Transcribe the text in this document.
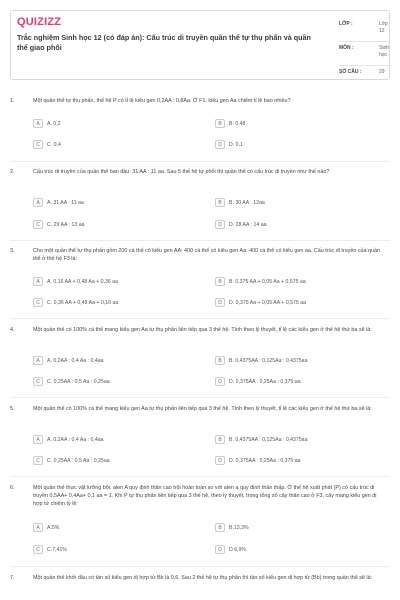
QUIZIZZ
Trắc nghiệm Sinh học 12 (có đáp án): Cấu trúc di truyền quần thể tự thụ phấn và quần thể giao phối
LỚP :	Lớp 12
MÔN :	Sinh học
SỐ CÂU :	29
1.	Một quần thể tự thụ phấn, thế hệ P có tỉ lệ kiểu gen 0,2AA : 0,8Aa. Ở F1, kiểu gen Aa chiếm tỉ lệ bao nhiêu?
A	A. 0,2	B	B. 0,48
C	C. 0,4	D	D. 0,1
2.	Cấu trúc di truyền của quần thể ban đầu: 31 AA : 11 aa. Sau 5 thế hệ tự phối thì quần thể có cấu trúc di truyền như thế nào?
A	A. 31 AA : 11 aa	B	B. 30 AA : 12aa
C	C. 29 AA : 13 aa	D	D. 28 AA : 14 aa
3.	Cho một quần thể tự thụ phấn gồm 200 cá thể có kiểu gen AA: 400 cá thể có kiểu gen Aa: 400 cá thể có kiểu gen aa. Cấu trúc di truyền của quần thể ở thế hệ F3 là:
A	A. 0,16 AA + 0,48 Aa + 0,36 aa	B	B. 0,375 AA + 0,05 Aa + 0,575 aa
C	C. 0,36 AA + 0,48 Aa + 0,16 aa	D	D. 0,375 Aa + 0,05 AA + 0,575 aa
4.	Một quần thể có 100% cá thể mang kiểu gen Aa tự thụ phấn liên tiếp qua 3 thế hệ. Tính theo lý thuyết, tỉ lệ các kiểu gen ở thế hệ thứ ba sẽ là:
A	A. 0,2AA : 0,4 Aa : 0,4aa	B	B. 0,4375AA : 0,125Aa : 0,4375aa
C	C. 0,25AA : 0,5 Aa : 0,25aa	D	D. 0,375AA : 0,25Aa : 0,375:aa
5.	Một quần thể có 100% cá thể mang kiểu gen Aa tự thụ phấn liên tiếp qua 3 thế hệ. Tính theo lý thuyết, tỉ lệ các kiểu gen ở thế hệ thứ ba sẽ là:
A	A. 0,2AA : 0,4 Aa : 0,4aa	B	B. 0,4375AA : 0,125Aa : 0,4375aa
C	C. 0,25AA : 0,5 Aa : 0,25aa	D	D. 0,375AA : 0,25Aa : 0,375:aa
6.	Một quần thể thực vật lưỡng bội, alen A quy định thân cao trội hoàn toàn so với alen a quy định thân thấp. Ở thế hệ xuất phát (P) có cấu trúc di truyền 0,5AA+ 0,4Aa+ 0,1 aa = 1. Khi P tự thụ phấn liên tiếp qua 3 thế hệ, theo lý thuyết, trong tổng số cây thân cao ở F3, cây mang kiểu gen dị hợp tử chiếm tỷ lệ:
A	A.5%	B	B.13,3%
C	C.7,41%	D	D.6,9%
7.	Một quần thể khởi đầu có tần số kiểu gen dị hợp tử Bb là 0,6. Sau 2 thế hệ tự thụ phấn thì tần số kiểu gen dị hợp tử (Bb) trong quần thể sẽ là:
